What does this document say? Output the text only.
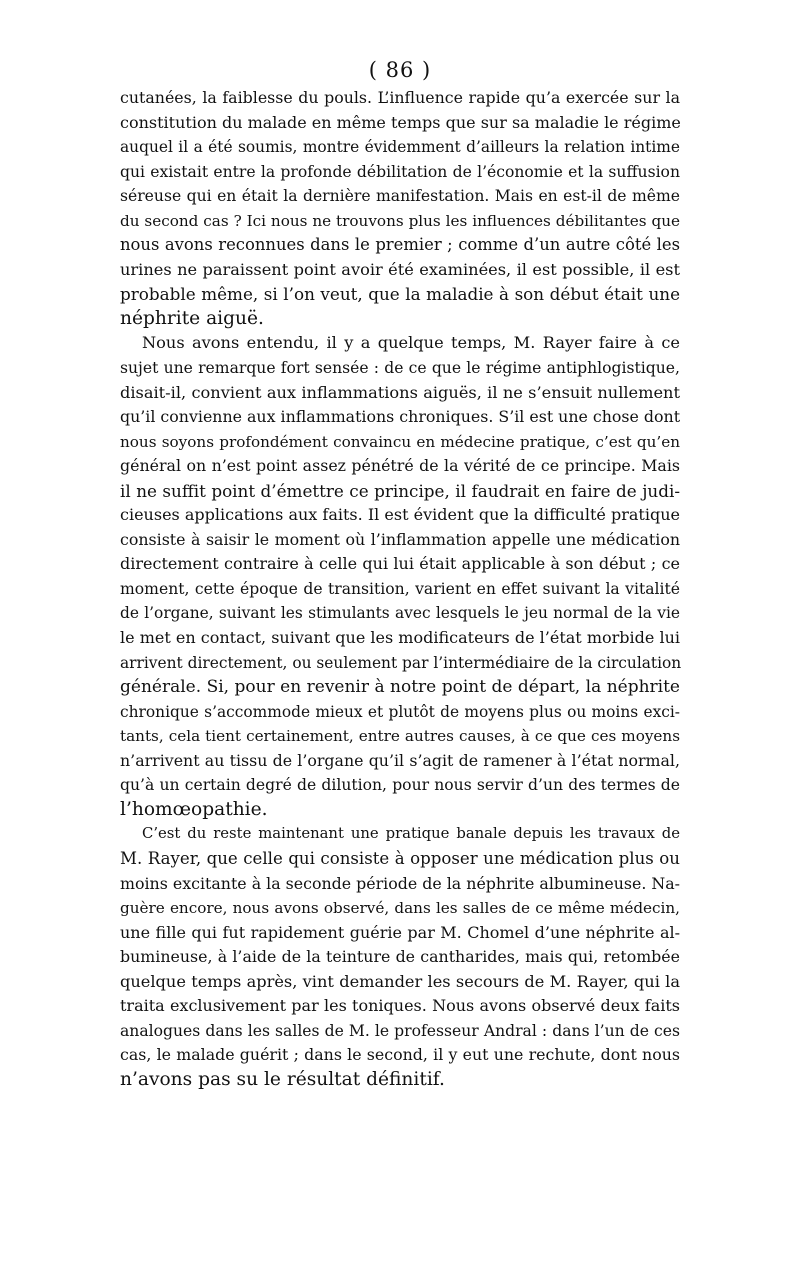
( 86 )
cutanées, la faiblesse du pouls. L’influence rapide qu’a exercée sur la
constitution du malade en même temps que sur sa maladie le régime
auquel il a été soumis, montre évidemment d’ailleurs la relation intime
qui existait entre la profonde débilitation de l’économie et la suffusion
séreuse qui en était la dernière manifestation. Mais en est-il de même
du second cas ? Ici nous ne trouvons plus les influences débilitantes que
nous avons reconnues dans le premier ; comme d’un autre côté les
urines ne paraissent point avoir été examinées, il est possible, il est
probable même, si l’on veut, que la maladie à son début était une
néphrite aiguë.
Nous avons entendu, il y a quelque temps, M. Rayer faire à ce
sujet une remarque fort sensée : de ce que le régime antiphlogistique,
disait-il, convient aux inflammations aiguës, il ne s’ensuit nullement
qu’il convienne aux inflammations chroniques. S’il est une chose dont
nous soyons profondément convaincu en médecine pratique, c’est qu’en
général on n’est point assez pénétré de la vérité de ce principe. Mais
il ne suffit point d’émettre ce principe, il faudrait en faire de judi-
cieuses applications aux faits. Il est évident que la difficulté pratique
consiste à saisir le moment où l’inflammation appelle une médication
directement contraire à celle qui lui était applicable à son début ; ce
moment, cette époque de transition, varient en effet suivant la vitalité
de l’organe, suivant les stimulants avec lesquels le jeu normal de la vie
le met en contact, suivant que les modificateurs de l’état morbide lui
arrivent directement, ou seulement par l’intermédiaire de la circulation
générale. Si, pour en revenir à notre point de départ, la néphrite
chronique s’accommode mieux et plutôt de moyens plus ou moins exci-
tants, cela tient certainement, entre autres causes, à ce que ces moyens
n’arrivent au tissu de l’organe qu’il s’agit de ramener à l’état normal,
qu’à un certain degré de dilution, pour nous servir d’un des termes de
l’homœopathie.
C’est du reste maintenant une pratique banale depuis les travaux de
M. Rayer, que celle qui consiste à opposer une médication plus ou
moins excitante à la seconde période de la néphrite albumineuse. Na-
guère encore, nous avons observé, dans les salles de ce même médecin,
une fille qui fut rapidement guérie par M. Chomel d’une néphrite al-
bumineuse, à l’aide de la teinture de cantharides, mais qui, retombée
quelque temps après, vint demander les secours de M. Rayer, qui la
traita exclusivement par les toniques. Nous avons observé deux faits
analogues dans les salles de M. le professeur Andral : dans l’un de ces
cas, le malade guérit ; dans le second, il y eut une rechute, dont nous
n’avons pas su le résultat définitif.
